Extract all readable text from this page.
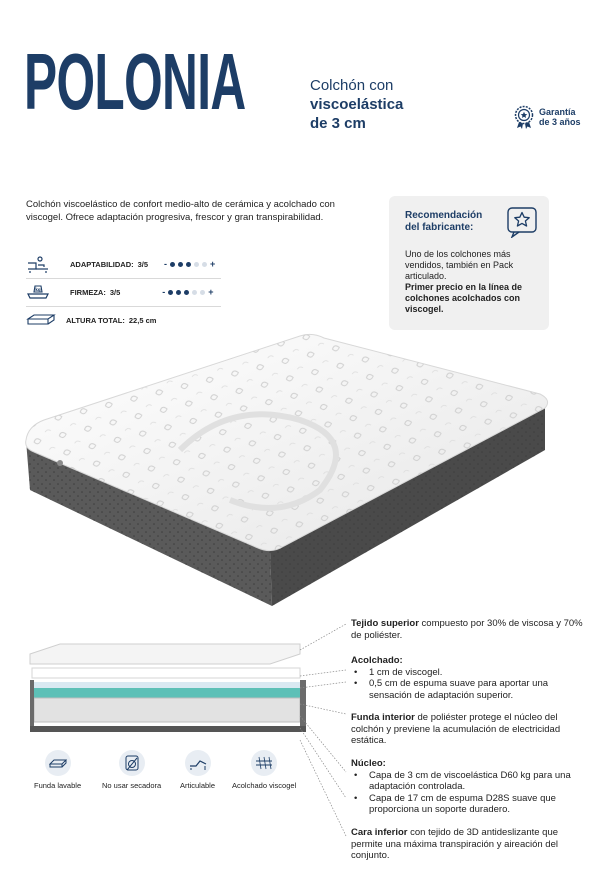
POLONIA	Colchón con
viscoelástica
de 3 cm
Garantía
de 3 años
Colchón viscoelástico de confort medio-alto de cerámica y acolchado con viscogel. Ofrece adaptación progresiva, frescor y gran transpirabilidad.
ADAPTABILIDAD: 3/5 -	+
kg	FIRMEZA: 3/5	-	+
ALTURA TOTAL: 22,5 cm
Recomendación del fabricante:
Uno de los colchones más vendidos, también en Pack articulado.
Primer precio en la línea de colchones acolchados con viscogel.
Funda lavable	No usar secadora	Articulable Acolchado viscogel
Tejido superior compuesto por 30% de viscosa y 70% de poliéster.
Acolchado:
• 1 cm de viscogel.
• 0,5 cm de espuma suave para aportar una sensación de adaptación superior.
Funda interior de poliéster protege el núcleo del colchón y previene la acumulación de electricidad estática.
Núcleo:
• Capa de 3 cm de viscoelástica D60 kg para una adaptación controlada.
• Capa de 17 cm de espuma D28S suave que proporciona un soporte duradero.
Cara inferior con tejido de 3D antideslizante que permite una máxima transpiración y aireación del conjunto.
